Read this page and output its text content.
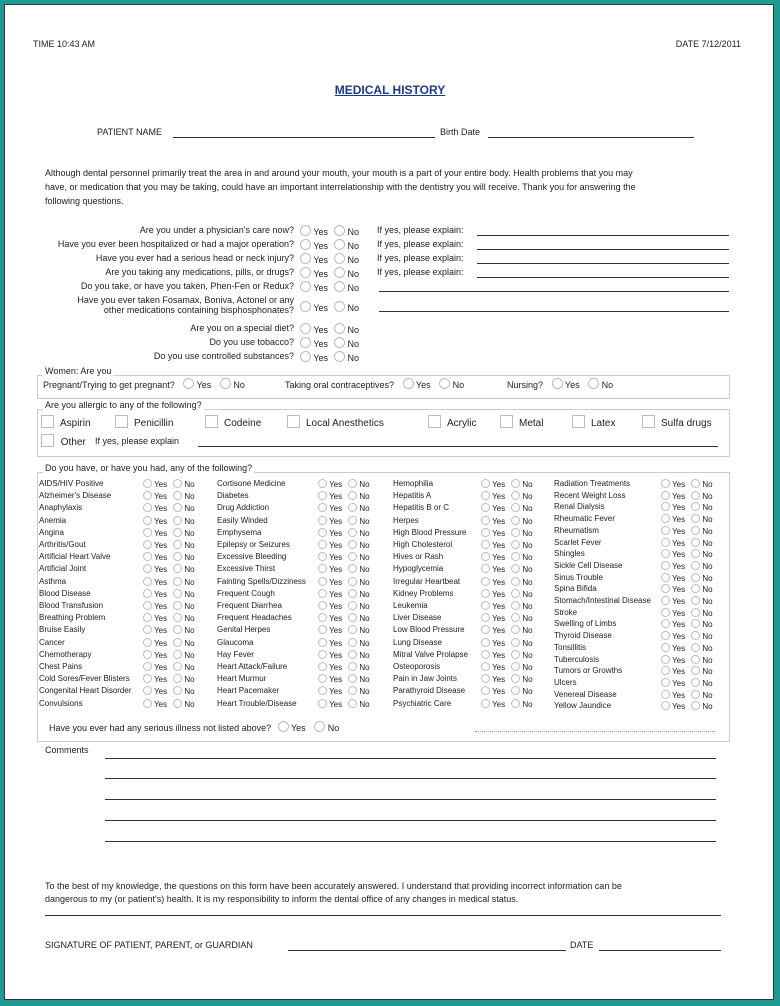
TIME 10:43 AM	DATE 7/12/2011
MEDICAL HISTORY
PATIENT NAME	Birth Date
Although dental personnel primarily treat the area in and around your mouth, your mouth is a part of your entire body. Health problems that you may
have, or medication that you may be taking, could have an important interrelationship with the dentistry you will receive. Thank you for answering the
following questions.
Are you under a physician's care now?	Yes No If yes, please explain:
Have you ever been hospitalized or had a major operation?	Yes No If yes, please explain:
Have you ever had a serious head or neck injury?	Yes No If yes, please explain:
Are you taking any medications, pills, or drugs?	Yes No If yes, please explain:
Do you take, or have you taken, Phen-Fen or Redux?	Yes No
Have you ever taken Fosamax, Boniva, Actonel or any
other medications containing bisphosphonates?	Yes No
Are you on a special diet?	Yes No
Do you use tobacco?	Yes No
Do you use controlled substances?	Yes No
Women: Are you
Pregnant/Trying to get pregnant? Yes No	Taking oral contraceptives? Yes No	Nursing? Yes No
Are you allergic to any of the following?
Aspirin	Penicillin	Codeine	Local Anesthetics	Acrylic	Metal	Latex	Sulfa drugs
Other If yes, please explain
Do you have, or have you had, any of the following?
AIDS/HIV Positive	Yes No
Alzheimer's Disease	Yes No
Anaphylaxis	Yes No
Anemia	Yes No
Angina	Yes No
Arthritis/Gout	Yes No
Artificial Heart Valve	Yes No
Artificial Joint	Yes No
Asthma	Yes No
Blood Disease	Yes No
Blood Transfusion	Yes No
Breathing Problem	Yes No
Bruise Easily	Yes No
Cancer	Yes No
Chemotherapy	Yes No
Chest Pains	Yes No
Cold Sores/Fever Blisters	Yes No
Congenital Heart Disorder	Yes No
Convulsions	Yes No
Cortisone Medicine	Yes No
Diabetes	Yes No
Drug Addiction	Yes No
Easily Winded	Yes No
Emphysema	Yes No
Epilepsy or Seizures	Yes No
Excessive Bleeding	Yes No
Excessive Thirst	Yes No
Fainting Spells/Dizziness	Yes No
Frequent Cough	Yes No
Frequent Diarrhea	Yes No
Frequent Headaches	Yes No
Genital Herpes	Yes No
Glaucoma	Yes No
Hay Fever	Yes No
Heart Attack/Failure	Yes No
Heart Murmur	Yes No
Heart Pacemaker	Yes No
Heart Trouble/Disease	Yes No
Hemophilia	Yes No
Hepatitis A	Yes No
Hepatitis B or C	Yes No
Herpes	Yes No
High Blood Pressure	Yes No
High Cholesterol	Yes No
Hives or Rash	Yes No
Hypoglycemia	Yes No
Irregular Heartbeat	Yes No
Kidney Problems	Yes No
Leukemia	Yes No
Liver Disease	Yes No
Low Blood Pressure	Yes No
Lung Disease	Yes No
Mitral Valve Prolapse	Yes No
Osteoporosis	Yes No
Pain in Jaw Joints	Yes No
Parathyroid Disease	Yes No
Psychiatric Care	Yes No
Radiation Treatments	Yes No
Recent Weight Loss	Yes No
Renal Dialysis	Yes No
Rheumatic Fever	Yes No
Rheumatism	Yes No
Scarlet Fever	Yes No
Shingles	Yes No
Sickle Cell Disease	Yes No
Sinus Trouble	Yes No
Spina Bifida	Yes No
Stomach/Intestinal Disease	Yes No
Stroke	Yes No
Swelling of Limbs	Yes No
Thyroid Disease	Yes No
Tonsillitis	Yes No
Tuberculosis	Yes No
Tumors or Growths	Yes No
Ulcers	Yes No
Venereal Disease	Yes No
Yellow Jaundice	Yes No
Have you ever had any serious illness not listed above? Yes No
Comments
To the best of my knowledge, the questions on this form have been accurately answered. I understand that providing incorrect information can be
dangerous to my (or patient's) health. It is my responsibility to inform the dental office of any changes in medical status.
SIGNATURE OF PATIENT, PARENT, or GUARDIAN	DATE
